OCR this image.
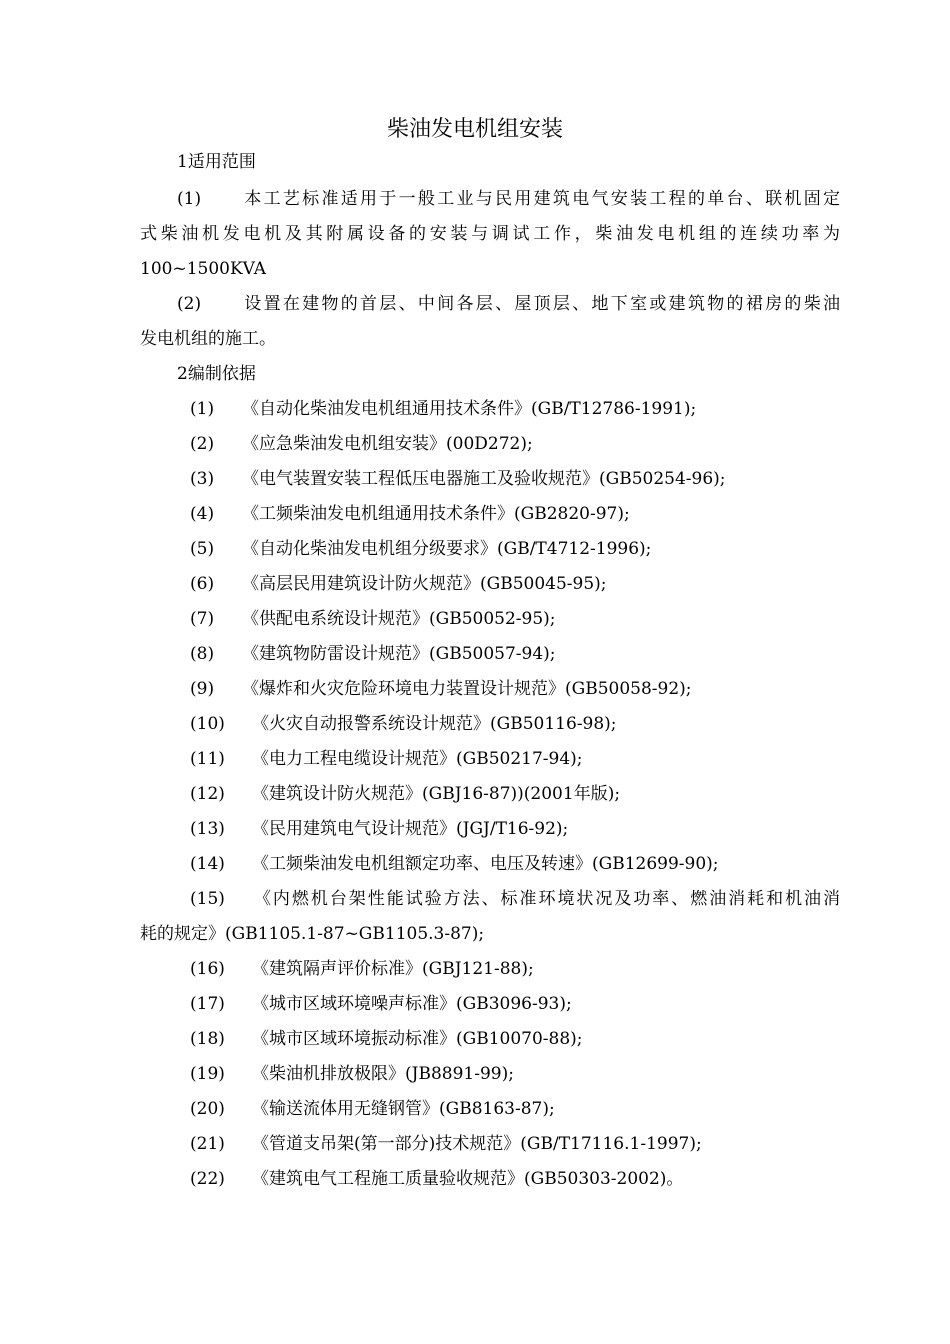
柴油发电机组安装
1适用范围
(1) 本工艺标准适用于一般工业与民用建筑电气安装工程的单台、联机固定
式柴油机发电机及其附属设备的安装与调试工作，柴油发电机组的连续功率为
100~1500KVA
(2) 设置在建物的首层、中间各层、屋顶层、地下室或建筑物的裙房的柴油
发电机组的施工。
2编制依据
(1) 《自动化柴油发电机组通用技术条件》(GB/T12786-1991);
(2) 《应急柴油发电机组安装》(00D272);
(3) 《电气装置安装工程低压电器施工及验收规范》(GB50254-96);
(4) 《工频柴油发电机组通用技术条件》(GB2820-97);
(5) 《自动化柴油发电机组分级要求》(GB/T4712-1996);
(6) 《高层民用建筑设计防火规范》(GB50045-95);
(7) 《供配电系统设计规范》(GB50052-95);
(8) 《建筑物防雷设计规范》(GB50057-94);
(9) 《爆炸和火灾危险环境电力装置设计规范》(GB50058-92);
(10) 《火灾自动报警系统设计规范》(GB50116-98);
(11) 《电力工程电缆设计规范》(GB50217-94);
(12) 《建筑设计防火规范》(GBJ16-87))(2001年版);
(13) 《民用建筑电气设计规范》(JGJ/T16-92);
(14) 《工频柴油发电机组额定功率、电压及转速》(GB12699-90);
(15) 《内燃机台架性能试验方法、标准环境状况及功率、燃油消耗和机油消
耗的规定》(GB1105.1-87~GB1105.3-87);
(16) 《建筑隔声评价标准》(GBJ121-88);
(17) 《城市区域环境噪声标准》(GB3096-93);
(18) 《城市区域环境振动标准》(GB10070-88);
(19) 《柴油机排放极限》(JB8891-99);
(20) 《输送流体用无缝钢管》(GB8163-87);
(21) 《管道支吊架(第一部分)技术规范》(GB/T17116.1-1997);
(22) 《建筑电气工程施工质量验收规范》(GB50303-2002)。
